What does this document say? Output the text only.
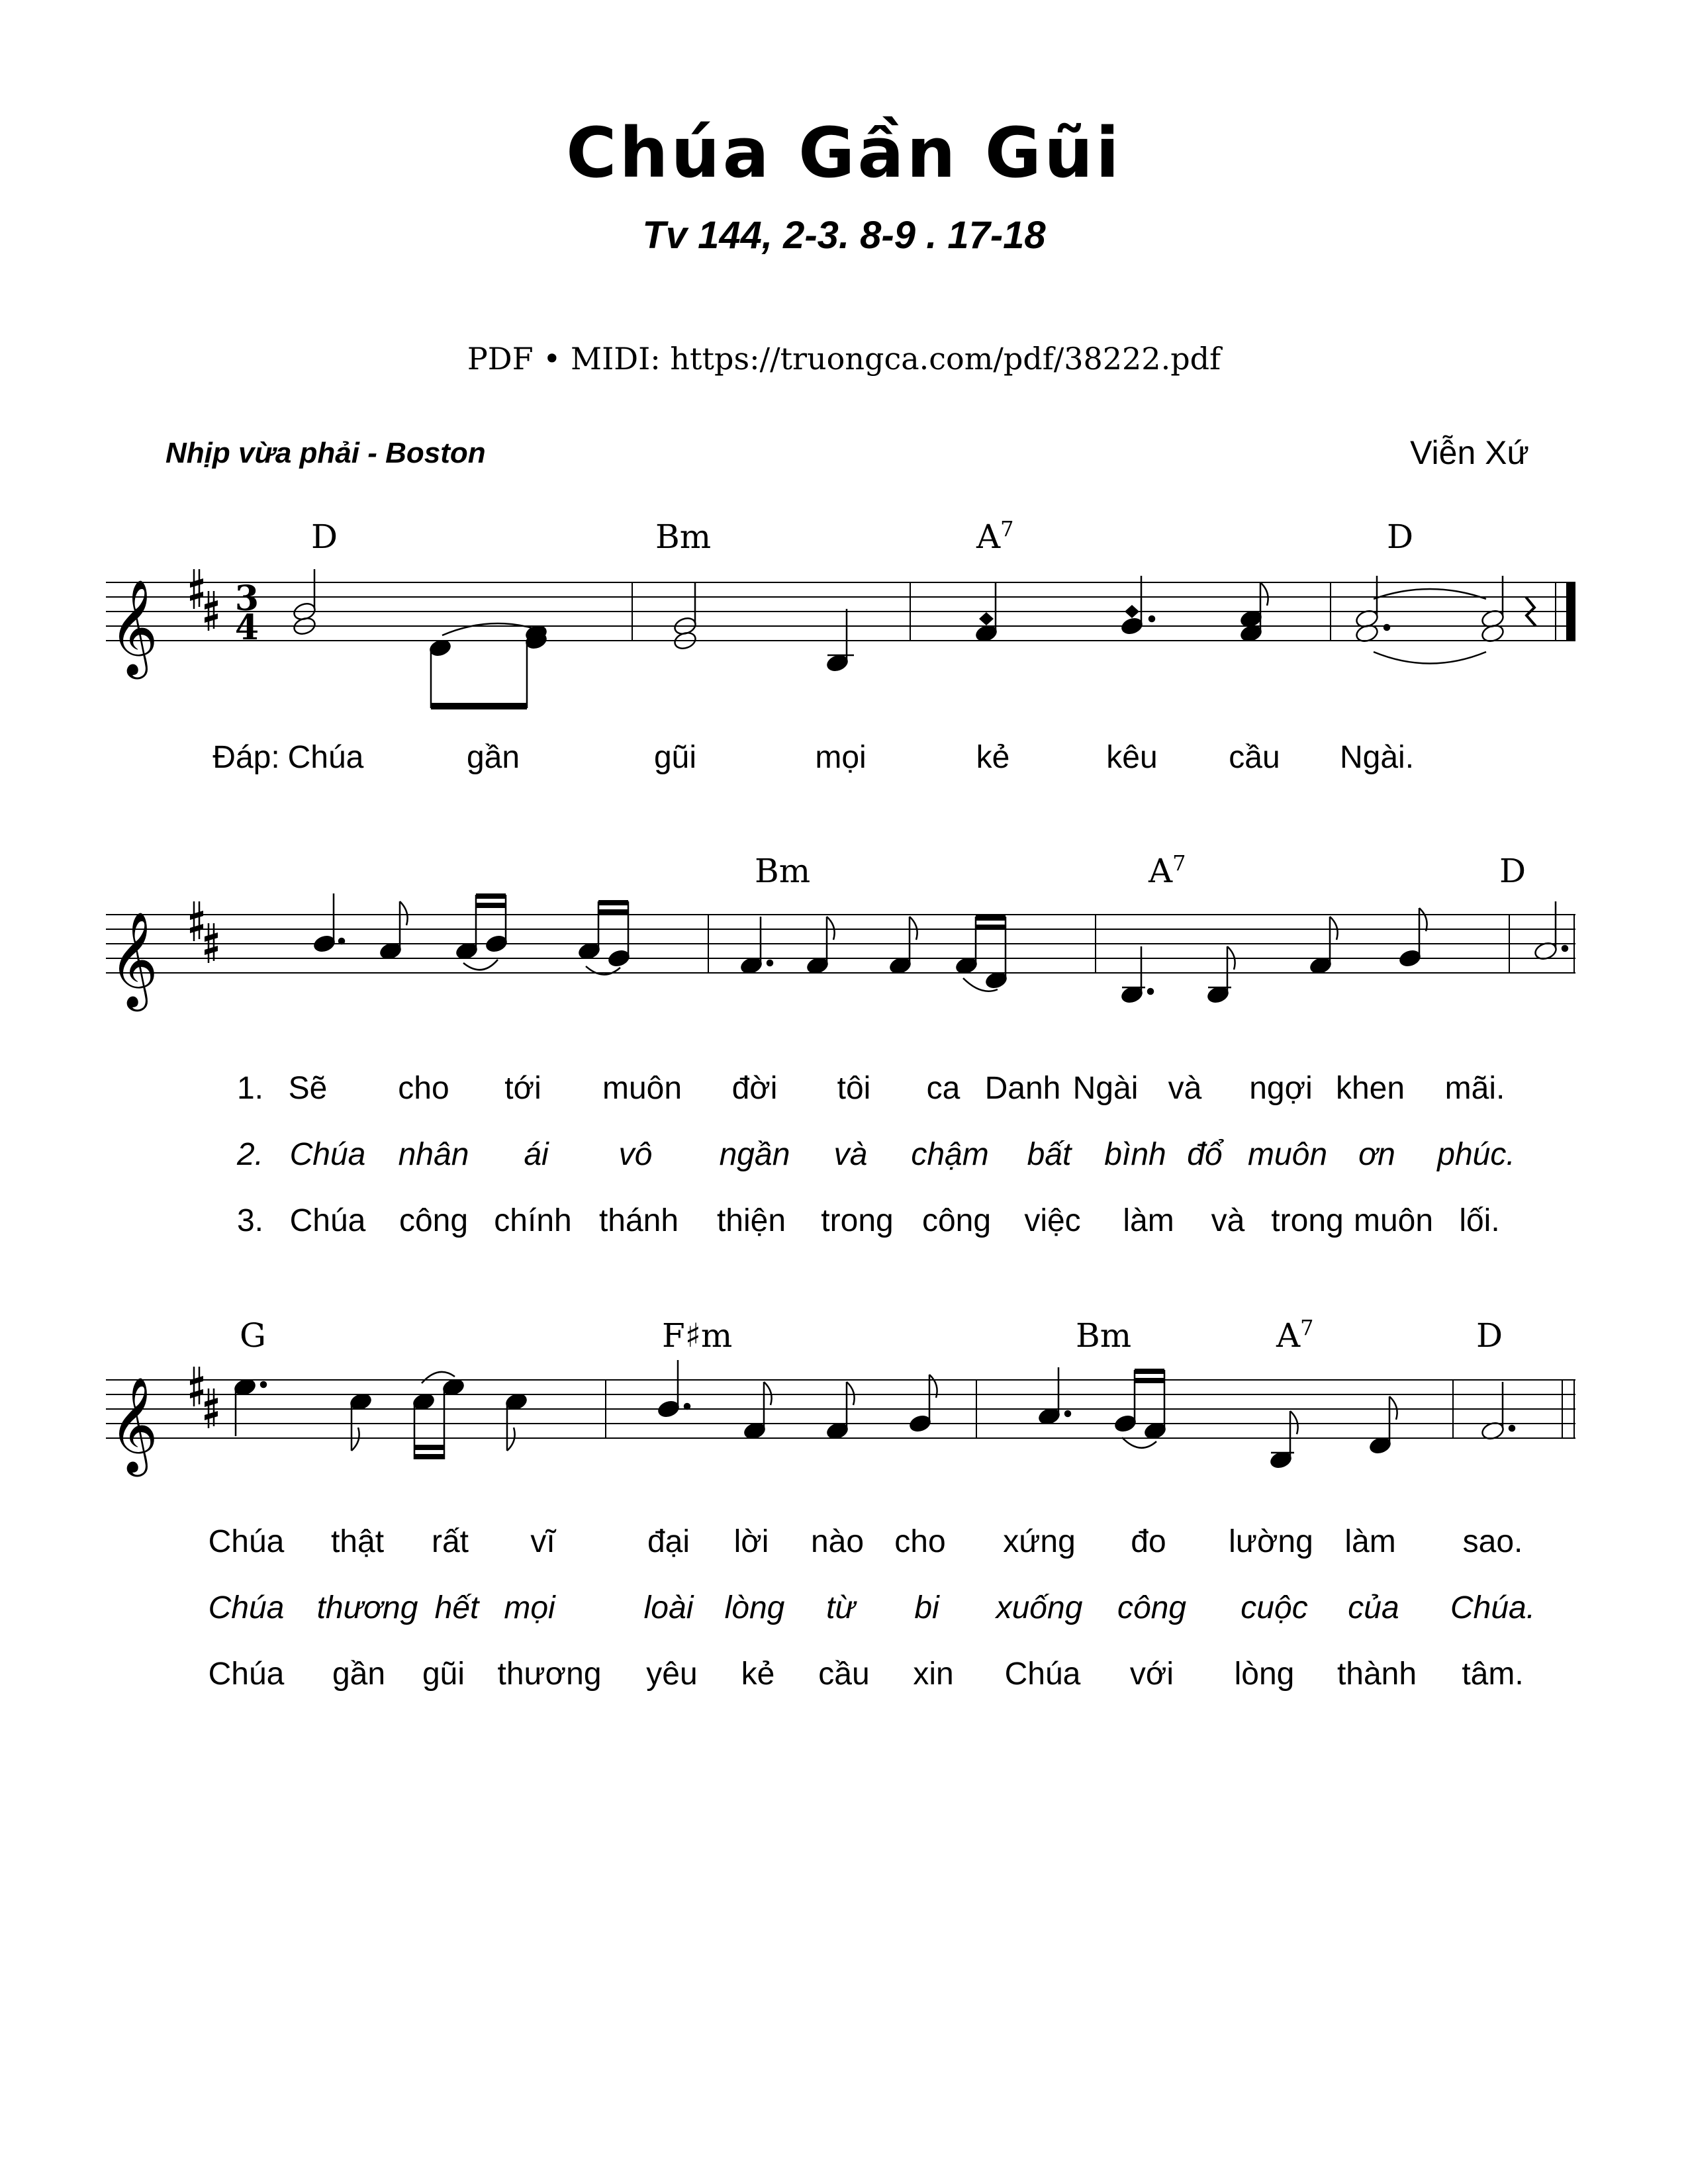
Chúa Gần Gũi
Tv 144, 2-3. 8-9 . 17-18
PDF • MIDI: https://truongca.com/pdf/38222.pdf
Nhịp vừa phải - Boston	Viễn Xứ
𝄞 3
4
D	Bm	$A^7$	D
Đáp: Chúa	gần	gũi	mọi	kẻ	kêu cầu Ngài.
𝄞
Bm	$A^7$	D
1. Sẽ cho tới muôn đời tôi ca Danh Ngài và ngợi khen mãi.
2. Chúa nhân ái vô ngần và chậm bất bình đổ muôn ơn phúc.
3. Chúa công chính thánh thiện trong công việc làm và trong muôn lối.
𝄞
G	F♯m	Bm	$A^7$	D
Chúa thật rất vĩ	đại lời nào cho xứng đo lường làm sao.
Chúa thương hết mọi	loài lòng từ bi xuống công cuộc của Chúa.
Chúa gần gũi thương yêu kẻ cầu xin Chúa với lòng thành tâm.
